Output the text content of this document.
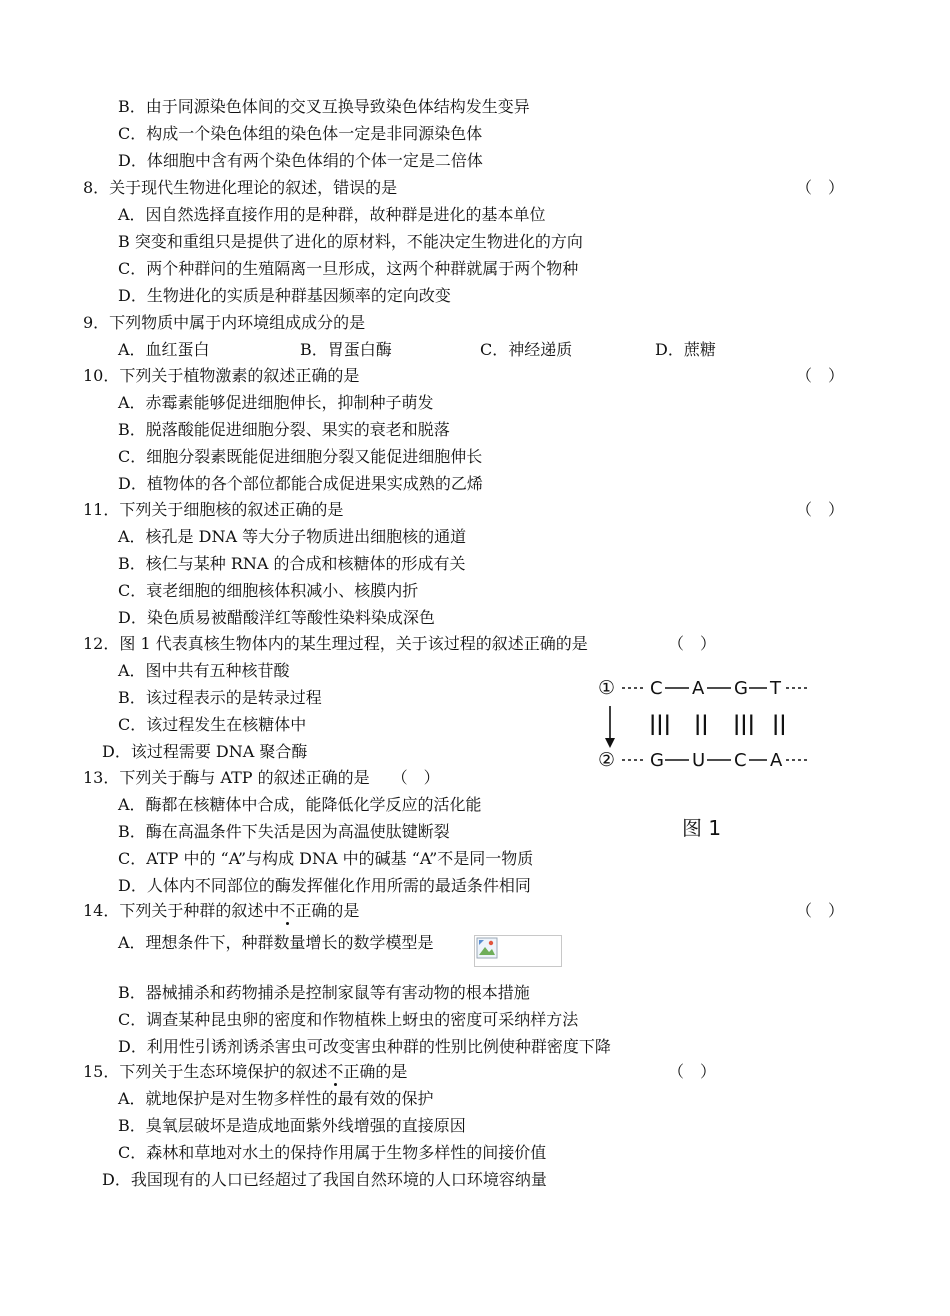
B．由于同源染色体间的交叉互换导致染色体结构发生变异
C．构成一个染色体组的染色体一定是非同源染色体
D．体细胞中含有两个染色体绢的个体一定是二倍体
8．关于现代生物进化理论的叙述，错误的是	（　）
A．因自然选择直接作用的是种群，故种群是进化的基本单位
B 突变和重组只是提供了进化的原材料，不能决定生物进化的方向
C．两个种群问的生殖隔离一旦形成，这两个种群就属于两个物种
D．生物进化的实质是种群基因频率的定向改变
9．下列物质中属于内环境组成成分的是
A．血红蛋白	B．胃蛋白酶	C．神经递质	D．蔗糖
10．下列关于植物激素的叙述正确的是	（　）
A．赤霉素能够促进细胞伸长，抑制种子萌发
B．脱落酸能促进细胞分裂、果实的衰老和脱落
C．细胞分裂素既能促进细胞分裂又能促进细胞伸长
D．植物体的各个部位都能合成促进果实成熟的乙烯
11．下列关于细胞核的叙述正确的是	（　）
A．核孔是 DNA 等大分子物质进出细胞核的通道
B．核仁与某种 RNA 的合成和核糖体的形成有关
C．衰老细胞的细胞核体积减小、核膜内折
D．染色质易被醋酸洋红等酸性染料染成深色
12．图 1 代表真核生物体内的某生理过程，关于该过程的叙述正确的是	（　）
A．图中共有五种核苷酸
B．该过程表示的是转录过程
C．该过程发生在核糖体中
D．该过程需要 DNA 聚合酶
①
②
C A G T
G U C A
||| || ||| ||
图 1
13．下列关于酶与 ATP 的叙述正确的是 （　）
A．酶都在核糖体中合成，能降低化学反应的活化能
B．酶在高温条件下失活是因为高温使肽键断裂
C．ATP 中的 “A”与构成 DNA 中的碱基 “A”不是同一物质
D．人体内不同部位的酶发挥催化作用所需的最适条件相同
14．下列关于种群的叙述中不正确的是	（　）
A．理想条件下，种群数量增长的数学模型是
B．器械捕杀和药物捕杀是控制家鼠等有害动物的根本措施
C．调查某种昆虫卵的密度和作物植株上蚜虫的密度可采纳样方法
D．利用性引诱剂诱杀害虫可改变害虫种群的性别比例使种群密度下降
15．下列关于生态环境保护的叙述不正确的是	（　）
A．就地保护是对生物多样性的最有效的保护
B．臭氧层破坏是造成地面紫外线增强的直接原因
C．森林和草地对水土的保持作用属于生物多样性的间接价值
D．我国现有的人口已经超过了我国自然环境的人口环境容纳量
